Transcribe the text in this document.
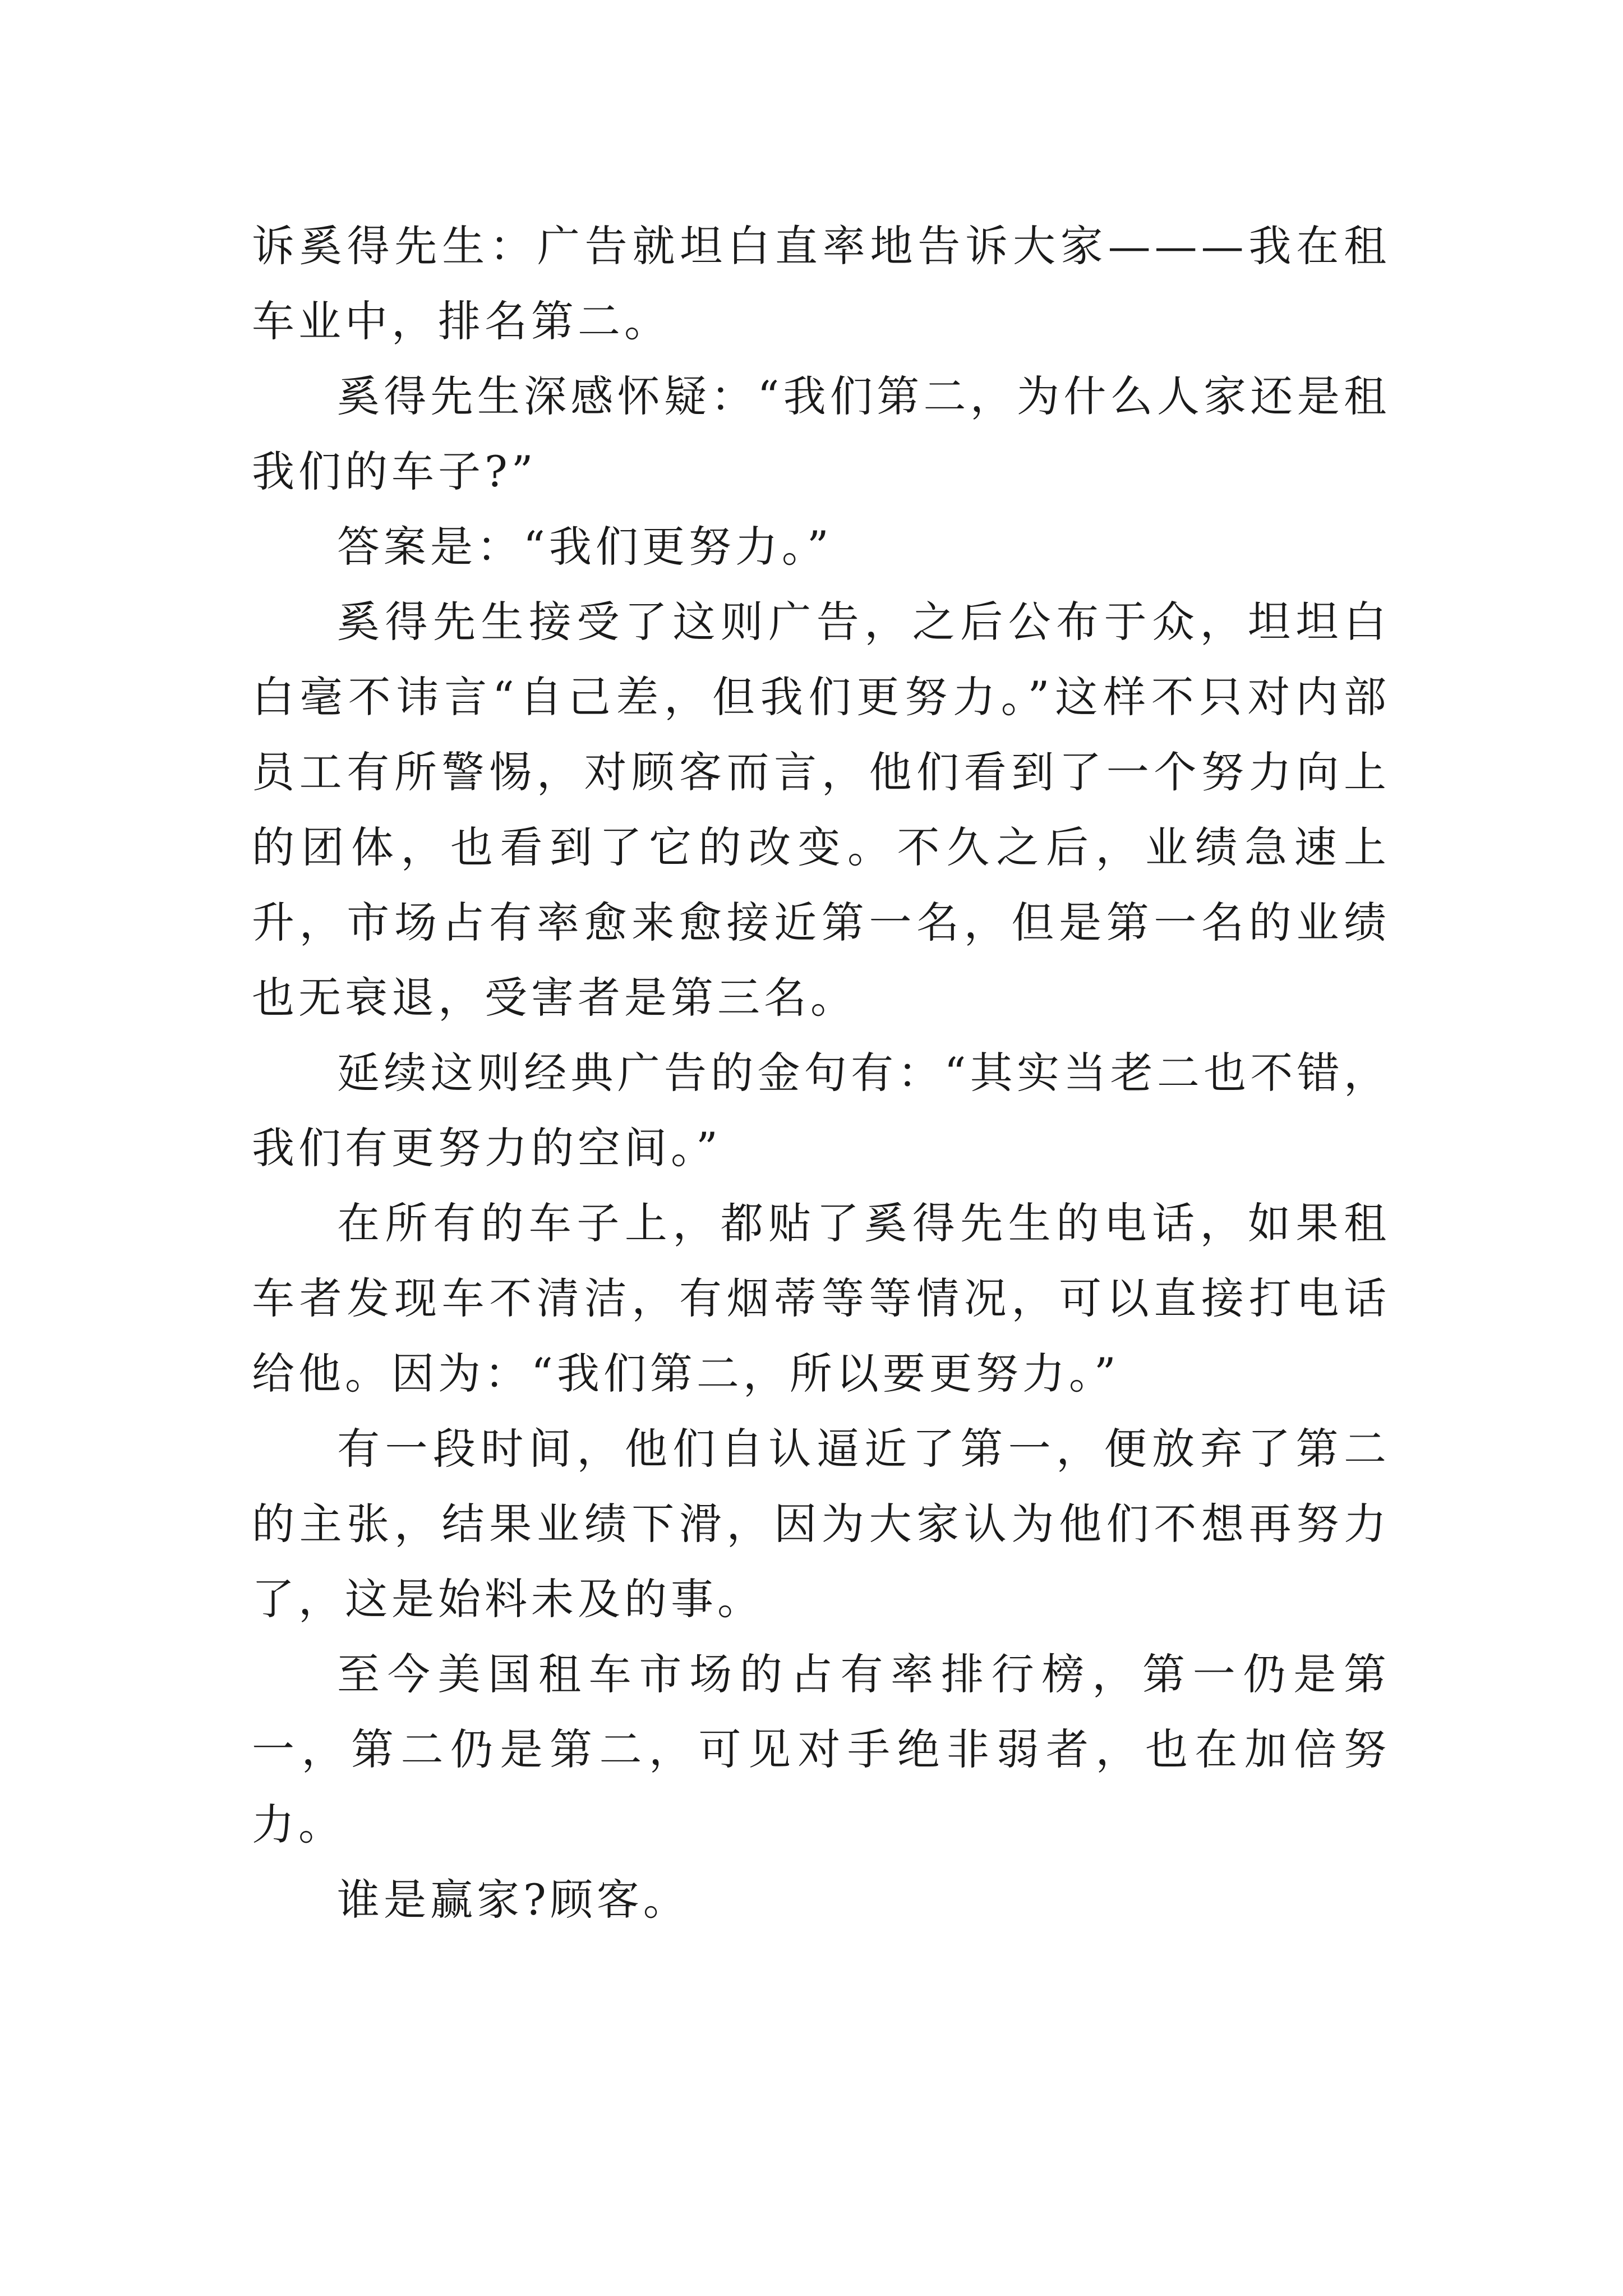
诉奚得先生：广告就坦白直率地告诉大家———我在租车业中，排名第二。

奚得先生深感怀疑：“我们第二，为什么人家还是租我们的车子?”

答案是：“我们更努力。”

奚得先生接受了这则广告，之后公布于众，坦坦白白毫不讳言“自己差，但我们更努力。”这样不只对内部员工有所警惕，对顾客而言，他们看到了一个努力向上的团体，也看到了它的改变。不久之后，业绩急速上升，市场占有率愈来愈接近第一名，但是第一名的业绩也无衰退，受害者是第三名。

延续这则经典广告的金句有：“其实当老二也不错，我们有更努力的空间。”

在所有的车子上，都贴了奚得先生的电话，如果租车者发现车不清洁，有烟蒂等等情况，可以直接打电话给他。因为：“我们第二，所以要更努力。”

有一段时间，他们自认逼近了第一，便放弃了第二的主张，结果业绩下滑，因为大家认为他们不想再努力了，这是始料未及的事。

至今美国租车市场的占有率排行榜，第一仍是第一，第二仍是第二，可见对手绝非弱者，也在加倍努力。

谁是赢家?顾客。
